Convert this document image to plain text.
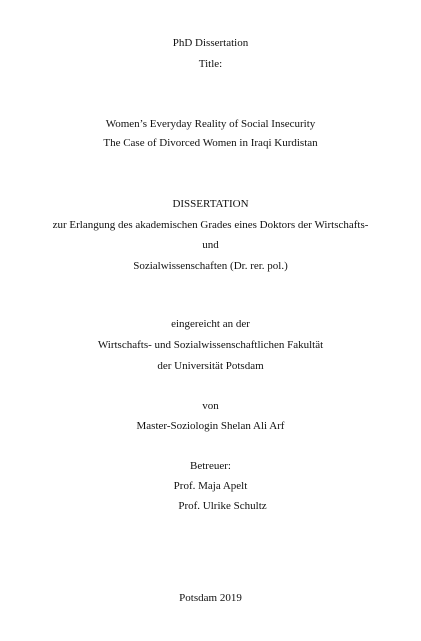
PhD Dissertation
Title:
Women’s Everyday Reality of Social Insecurity
The Case of Divorced Women in Iraqi Kurdistan
DISSERTATION
zur Erlangung des akademischen Grades eines Doktors der Wirtschafts-
und
Sozialwissenschaften (Dr. rer. pol.)
eingereicht an der
Wirtschafts- und Sozialwissenschaftlichen Fakultät
der Universität Potsdam
von
Master-Soziologin Shelan Ali Arf
Betreuer:
Prof. Maja Apelt
Prof. Ulrike Schultz
Potsdam 2019
